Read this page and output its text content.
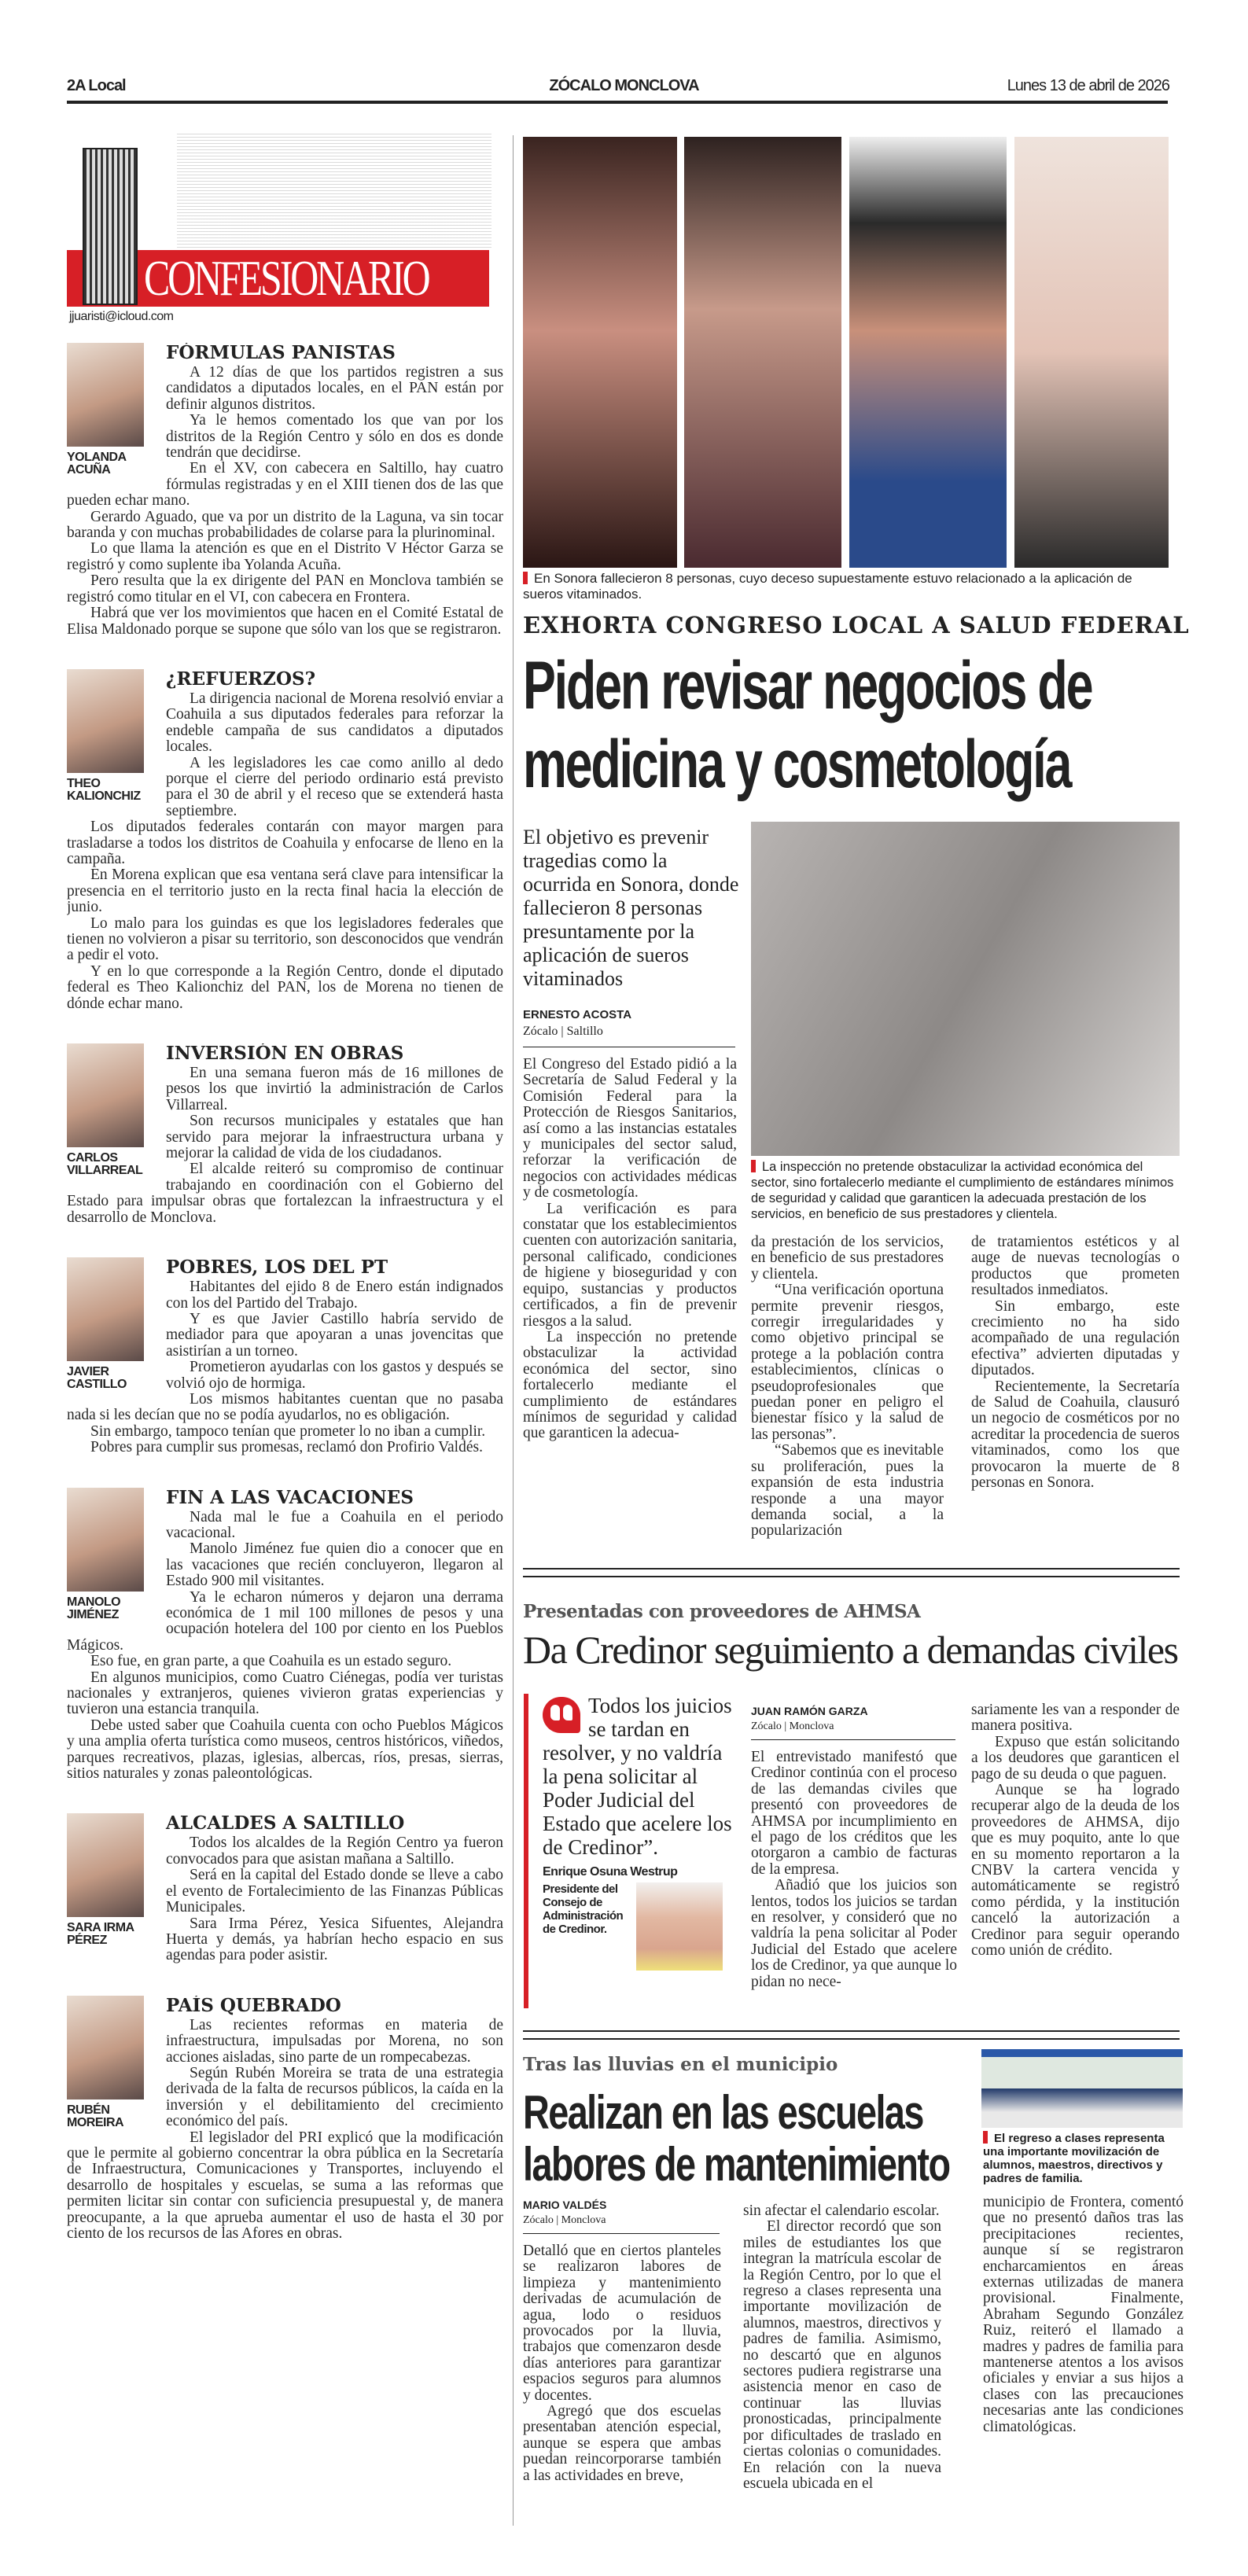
2A Local	ZÓCALO MONCLOVA	Lunes 13 de abril de 2026
CONFESIONARIO
jjuaristi@icloud.com
YOLANDA ACUÑA
FÓRMULAS PANISTAS

A 12 días de que los partidos registren a sus candidatos a diputados locales, en el PAN están por definir algunos distritos.

Ya le hemos comentado los que van por los distritos de la Región Centro y sólo en dos es donde tendrán que decidirse.

En el XV, con cabecera en Saltillo, hay cuatro fórmulas registradas y en el XIII tienen dos de las que pueden echar mano.

Gerardo Aguado, que va por un distrito de la Laguna, va sin tocar baranda y con muchas probabilidades de colarse para la plurinominal.

Lo que llama la atención es que en el Distrito V Héctor Garza se registró y como suplente iba Yolanda Acuña.

Pero resulta que la ex dirigente del PAN en Monclova también se registró como titular en el VI, con cabecera en Frontera.

Habrá que ver los movimientos que hacen en el Comité Estatal de Elisa Maldonado porque se supone que sólo van los que se registraron.

THEO KALIONCHIZ
¿REFUERZOS?

La dirigencia nacional de Morena resolvió enviar a Coahuila a sus diputados federales para reforzar la endeble campaña de sus candidatos a diputados locales.

A les legisladores les cae como anillo al dedo porque el cierre del periodo ordinario está previsto para el 30 de abril y el receso que se extenderá hasta septiembre.

Los diputados federales contarán con mayor margen para trasladarse a todos los distritos de Coahuila y enfocarse de lleno en la campaña.

En Morena explican que esa ventana será clave para intensificar la presencia en el territorio justo en la recta final hacia la elección de junio.

Lo malo para los guindas es que los legisladores federales que tienen no volvieron a pisar su territorio, son desconocidos que vendrán a pedir el voto.

Y en lo que corresponde a la Región Centro, donde el diputado federal es Theo Kalionchiz del PAN, los de Morena no tienen de dónde echar mano.

CARLOS VILLARREAL
INVERSIÓN EN OBRAS

En una semana fueron más de 16 millones de pesos los que invirtió la administración de Carlos Villarreal.

Son recursos municipales y estatales que han servido para mejorar la infraestructura urbana y mejorar la calidad de vida de los ciudadanos.

El alcalde reiteró su compromiso de continuar trabajando en coordinación con el Gobierno del Estado para impulsar obras que fortalezcan la infraestructura y el desarrollo de Monclova.

JAVIER CASTILLO
POBRES, LOS DEL PT

Habitantes del ejido 8 de Enero están indignados con los del Partido del Trabajo.

Y es que Javier Castillo habría servido de mediador para que apoyaran a unas jovencitas que asistirían a un torneo.

Prometieron ayudarlas con los gastos y después se volvió ojo de hormiga.

Los mismos habitantes cuentan que no pasaba nada si les decían que no se podía ayudarlos, no es obligación.

Sin embargo, tampoco tenían que prometer lo no iban a cumplir.

Pobres para cumplir sus promesas, reclamó don Profirio Valdés.

MANOLO JIMÉNEZ
FIN A LAS VACACIONES

Nada mal le fue a Coahuila en el periodo vacacional.

Manolo Jiménez fue quien dio a conocer que en las vacaciones que recién concluyeron, llegaron al Estado 900 mil visitantes.

Ya le echaron números y dejaron una derrama económica de 1 mil 100 millones de pesos y una ocupación hotelera del 100 por ciento en los Pueblos Mágicos.

Eso fue, en gran parte, a que Coahuila es un estado seguro.

En algunos municipios, como Cuatro Ciénegas, podía ver turistas nacionales y extranjeros, quienes vivieron gratas experiencias y tuvieron una estancia tranquila.

Debe usted saber que Coahuila cuenta con ocho Pueblos Mágicos y una amplia oferta turística como museos, centros históricos, viñedos, parques recreativos, plazas, iglesias, albercas, ríos, presas, sierras, sitios naturales y zonas paleontológicas.

SARA IRMA PÉREZ
ALCALDES A SALTILLO

Todos los alcaldes de la Región Centro ya fueron convocados para que asistan mañana a Saltillo.

Será en la capital del Estado donde se lleve a cabo el evento de Fortalecimiento de las Finanzas Públicas Municipales.

Sara Irma Pérez, Yesica Sifuentes, Alejandra Huerta y demás, ya habrían hecho espacio en sus agendas para poder asistir.

RUBÉN MOREIRA
PAÍS QUEBRADO

Las recientes reformas en materia de infraestructura, impulsadas por Morena, no son acciones aisladas, sino parte de un rompecabezas.

Según Rubén Moreira se trata de una estrategia derivada de la falta de recursos públicos, la caída en la inversión y el debilitamiento del crecimiento económico del país.

El legislador del PRI explicó que la modificación que le permite al gobierno concentrar la obra pública en la Secretaría de Infraestructura, Comunicaciones y Transportes, incluyendo el desarrollo de hospitales y escuelas, se suma a las reformas que permiten licitar sin contar con suficiencia presupuestal y, de manera preocupante, a la que aprueba aumentar el uso de hasta el 30 por ciento de los recursos de las Afores en obras.

En Sonora fallecieron 8 personas, cuyo deceso supuestamente estuvo relacionado a la aplicación de sueros vitaminados.
EXHORTA CONGRESO LOCAL A SALUD FEDERAL
Piden revisar negocios de medicina y cosmetología
El objetivo es prevenir tragedias como la ocurrida en Sonora, donde fallecieron 8 personas presuntamente por la aplicación de sueros vitaminados
ERNESTO ACOSTA
Zócalo | Saltillo

El Congreso del Estado pidió a la Secretaría de Salud Federal y la Comisión Federal para la Protección de Riesgos Sanitarios, así como a las instancias estatales y municipales del sector salud, reforzar la verificación de negocios con actividades médicas y de cosmetología.

La verificación es para constatar que los establecimientos cuenten con autorización sanitaria, personal calificado, condiciones de higiene y bioseguridad y con equipo, sustancias y productos certificados, a fin de prevenir riesgos a la salud.

La inspección no pretende obstaculizar la actividad económica del sector, sino fortalecerlo mediante el cumplimiento de estándares mínimos de seguridad y calidad que garanticen la adecua-

La inspección no pretende obstaculizar la actividad económica del sector, sino fortalecerlo mediante el cumplimiento de estándares mínimos de seguridad y calidad que garanticen la adecuada prestación de los servicios, en beneficio de sus prestadores y clientela.

da prestación de los servicios, en beneficio de sus prestadores y clientela.

“Una verificación oportuna permite prevenir riesgos, corregir irregularidades y como objetivo principal se protege a la población contra establecimientos, clínicas o pseudoprofesionales que puedan poner en peligro el bienestar físico y la salud de las personas”.

“Sabemos que es inevitable su proliferación, pues la expansión de esta industria responde a una mayor demanda social, a la popularización

de tratamientos estéticos y al auge de nuevas tecnologías o productos que prometen resultados inmediatos.

Sin embargo, este crecimiento no ha sido acompañado de una regulación efectiva” advierten diputadas y diputados.

Recientemente, la Secretaría de Salud de Coahuila, clausuró un negocio de cosméticos por no acreditar la procedencia de sueros vitaminados, como los que provocaron la muerte de 8 personas en Sonora.

Presentadas con proveedores de AHMSA
Da Credinor seguimiento a demandas civiles
Todos los juicios se tardan en resolver, y no valdría la pena solicitar al Poder Judicial del Estado que acelere los de Credinor”.
Enrique Osuna Westrup
Presidente del Consejo de Administración de Credinor.
JUAN RAMÓN GARZA
Zócalo | Monclova

El entrevistado manifestó que Credinor continúa con el proceso de las demandas civiles que presentó con proveedores de AHMSA por incumplimiento en el pago de los créditos que les otorgaron a cambio de facturas de la empresa.

Añadió que los juicios son lentos, todos los juicios se tardan en resolver, y consideró que no valdría la pena solicitar al Poder Judicial del Estado que acelere los de Credinor, ya que aunque lo pidan no nece-

sariamente les van a responder de manera positiva.

Expuso que están solicitando a los deudores que garanticen el pago de su deuda o que paguen.

Aunque se ha logrado recuperar algo de la deuda de los proveedores de AHMSA, dijo que es muy poquito, ante lo que en su momento reportaron a la CNBV la cartera vencida y automáticamente se registró como pérdida, y la institución canceló la autorización a Credinor para seguir operando como unión de crédito.

Tras las lluvias en el municipio
Realizan en las escuelas labores de mantenimiento
MARIO VALDÉS
Zócalo | Monclova

Detalló que en ciertos planteles se realizaron labores de limpieza y mantenimiento derivadas de acumulación de agua, lodo o residuos provocados por la lluvia, trabajos que comenzaron desde días anteriores para garantizar espacios seguros para alumnos y docentes.

Agregó que dos escuelas presentaban atención especial, aunque se espera que ambas puedan reincorporarse también a las actividades en breve,

sin afectar el calendario escolar.

El director recordó que son miles de estudiantes los que integran la matrícula escolar de la Región Centro, por lo que el regreso a clases representa una importante movilización de alumnos, maestros, directivos y padres de familia. Asimismo, no descartó que en algunos sectores pudiera registrarse una asistencia menor en caso de continuar las lluvias pronosticadas, principalmente por dificultades de traslado en ciertas colonias o comunidades. En relación con la nueva escuela ubicada en el

El regreso a clases representa una importante movilización de alumnos, maestros, directivos y padres de familia.

municipio de Frontera, comentó que no presentó daños tras las precipitaciones recientes, aunque sí se registraron encharcamientos en áreas externas utilizadas de manera provisional. Finalmente, Abraham Segundo González Ruiz, reiteró el llamado a madres y padres de familia para mantenerse atentos a los avisos oficiales y enviar a sus hijos a clases con las precauciones necesarias ante las condiciones climatológicas.
